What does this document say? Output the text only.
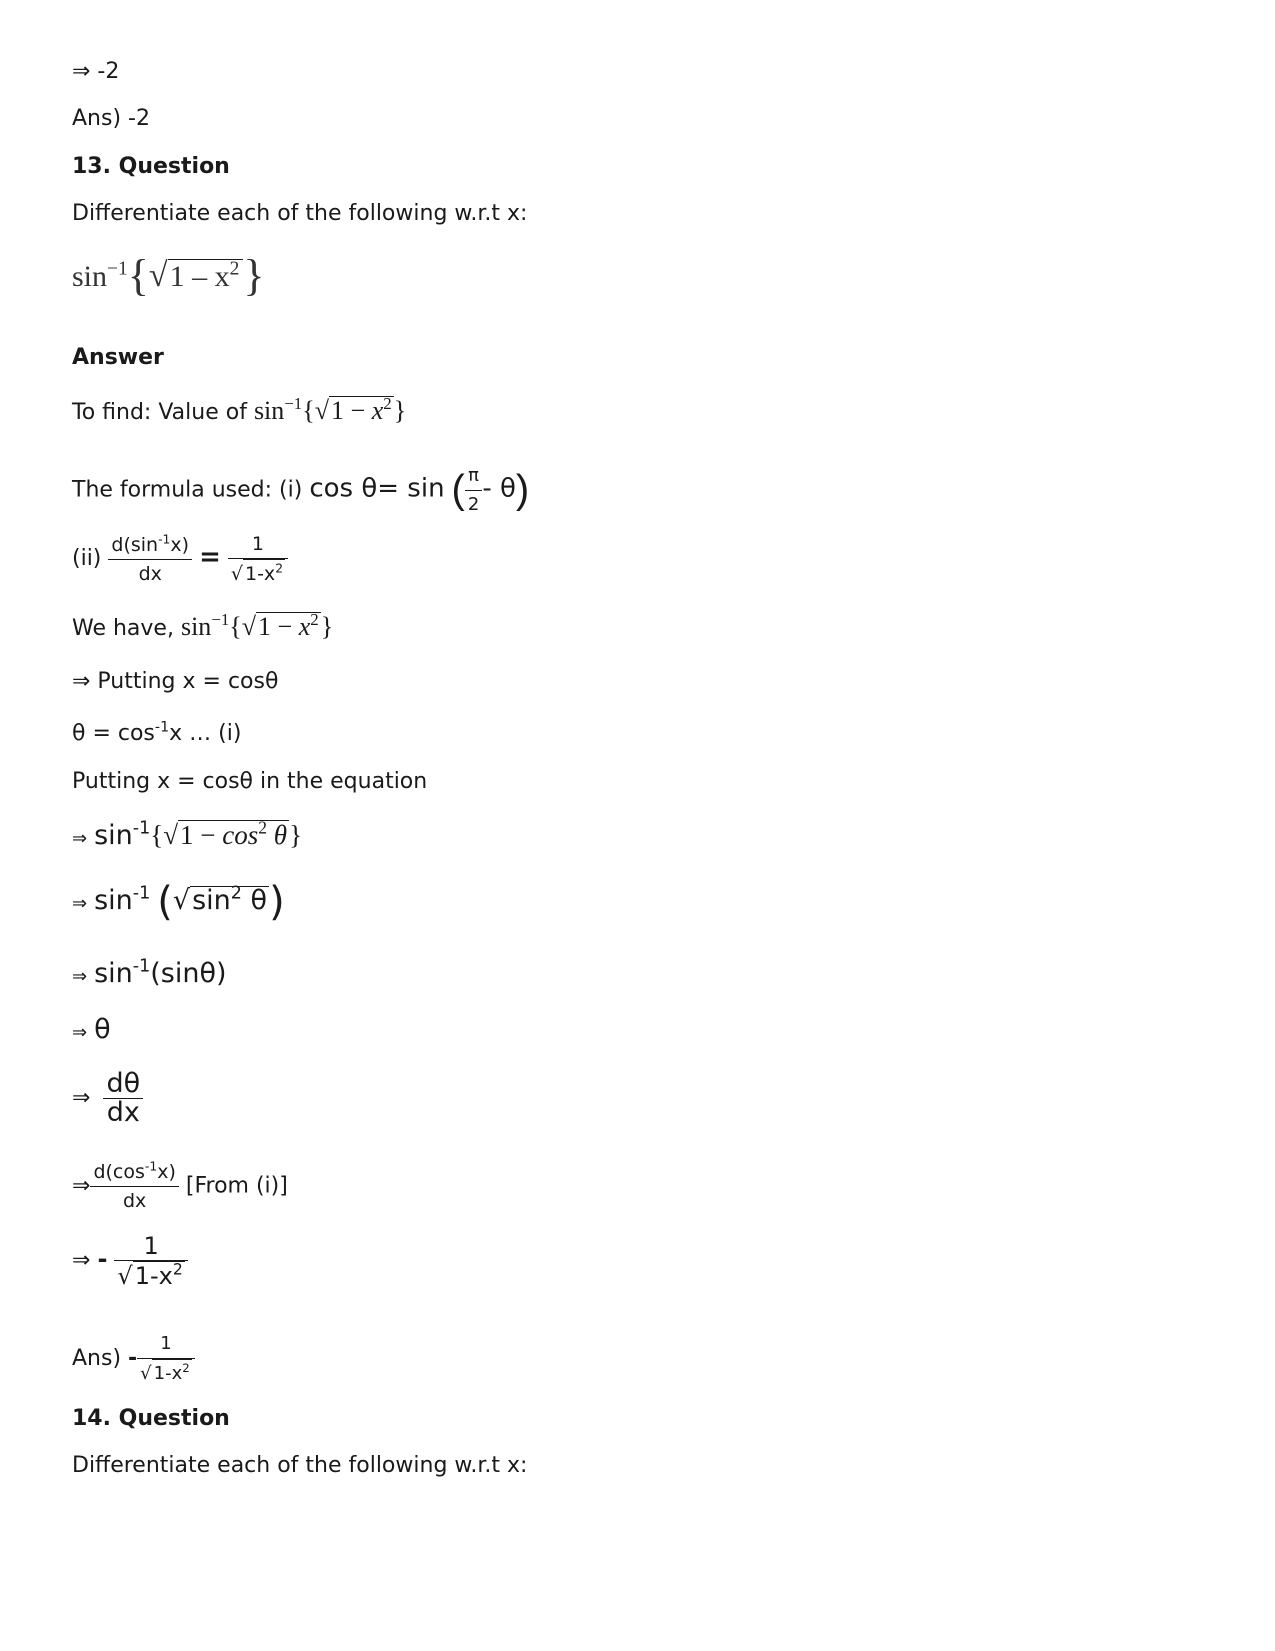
⇒ -2
Ans) -2
13. Question
Differentiate each of the following w.r.t x:
$\sin^{-1}\{√1 - x^2\}$
Answer
To find: Value of $\sin^{-1}\{√1 - x^2\}$
The formula used: (i) cos θ= sin ( $\frac{\pi}{2} - \theta$)
$(ii) \frac{d(\sin^{-1}x)}{dx} = \frac{1}{√ 1-x^2}$
We have, $\sin^{-1}\{√1 - x^2\}$
⇒ Putting x = cosθ
$\theta = \cos^{-1}x$ … (i)
Putting x = cosθ in the equation
⇒ $\sin^{-1}\{√1 - \cos^2 \theta\}$
⇒ $\sin^{-1} (√\sin^2$ θ)
⇒ $\sin^{-1}(\sin\theta)$
⇒ θ
⇒ $\frac{d\theta}{dx}$
⇒ $\frac{d(\cos^{-1}x)}{dx}$ [From (i)]
⇒ - $\frac{1}{√1-x^2}$
$Ans) - \frac{1}{√ 1-x^2}$
14. Question
Differentiate each of the following w.r.t x:
